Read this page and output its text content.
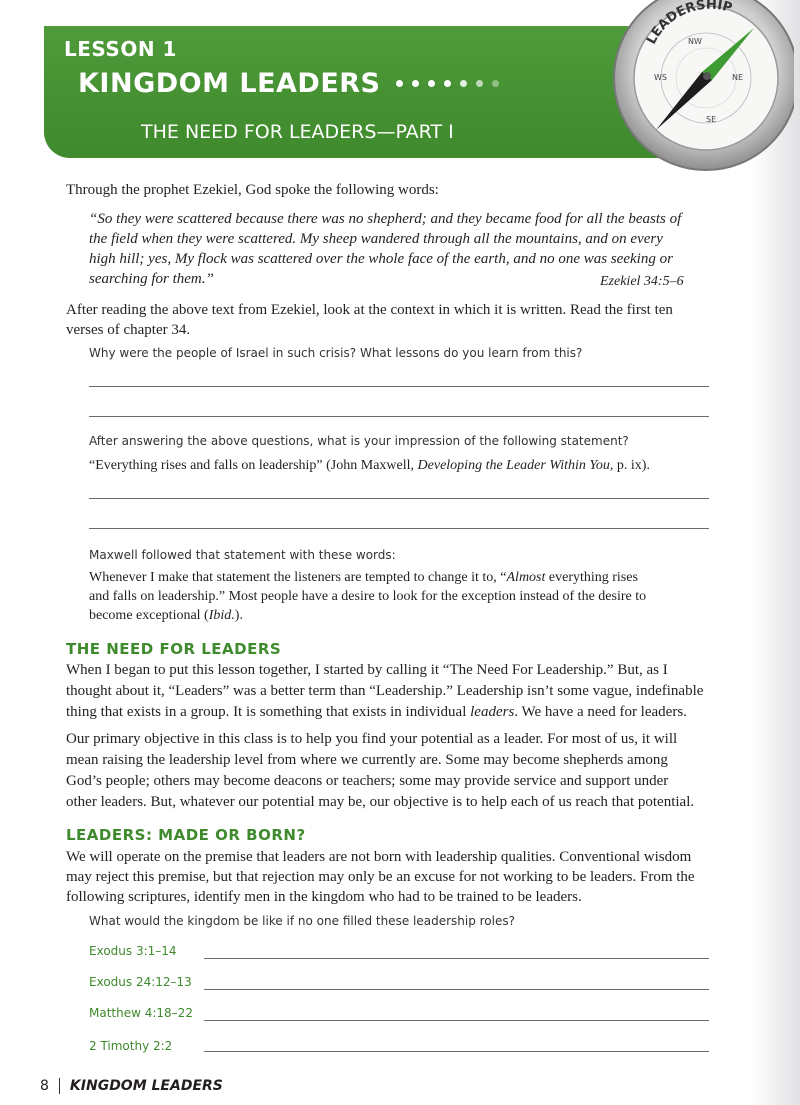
LESSON 1
KINGDOM LEADERS
THE NEED FOR LEADERS—PART I
LEADERSHIP
NW
NE
SE
WS
Through the prophet Ezekiel, God spoke the following words:
“So they were scattered because there was no shepherd; and they became food for all the beasts of
the field when they were scattered. My sheep wandered through all the mountains, and on every
high hill; yes, My flock was scattered over the whole face of the earth, and no one was seeking or
searching for them.”	Ezekiel 34:5–6
After reading the above text from Ezekiel, look at the context in which it is written. Read the first ten
verses of chapter 34.
Why were the people of Israel in such crisis? What lessons do you learn from this?
After answering the above questions, what is your impression of the following statement?
“Everything rises and falls on leadership” (John Maxwell, Developing the Leader Within You, p. ix).
Maxwell followed that statement with these words:
Whenever I make that statement the listeners are tempted to change it to, “Almost everything rises
and falls on leadership.” Most people have a desire to look for the exception instead of the desire to
become exceptional (Ibid.).
THE NEED FOR LEADERS
When I began to put this lesson together, I started by calling it “The Need For Leadership.” But, as I
thought about it, “Leaders” was a better term than “Leadership.” Leadership isn’t some vague, indefinable
thing that exists in a group. It is something that exists in individual leaders. We have a need for leaders.
Our primary objective in this class is to help you find your potential as a leader. For most of us, it will
mean raising the leadership level from where we currently are. Some may become shepherds among
God’s people; others may become deacons or teachers; some may provide service and support under
other leaders. But, whatever our potential may be, our objective is to help each of us reach that potential.
LEADERS: MADE OR BORN?
We will operate on the premise that leaders are not born with leadership qualities. Conventional wisdom
may reject this premise, but that rejection may only be an excuse for not working to be leaders. From the
following scriptures, identify men in the kingdom who had to be trained to be leaders.
What would the kingdom be like if no one filled these leadership roles?
Exodus 3:1–14
Exodus 24:12–13
Matthew 4:18–22
2 Timothy 2:2
8 KINGDOM LEADERS
